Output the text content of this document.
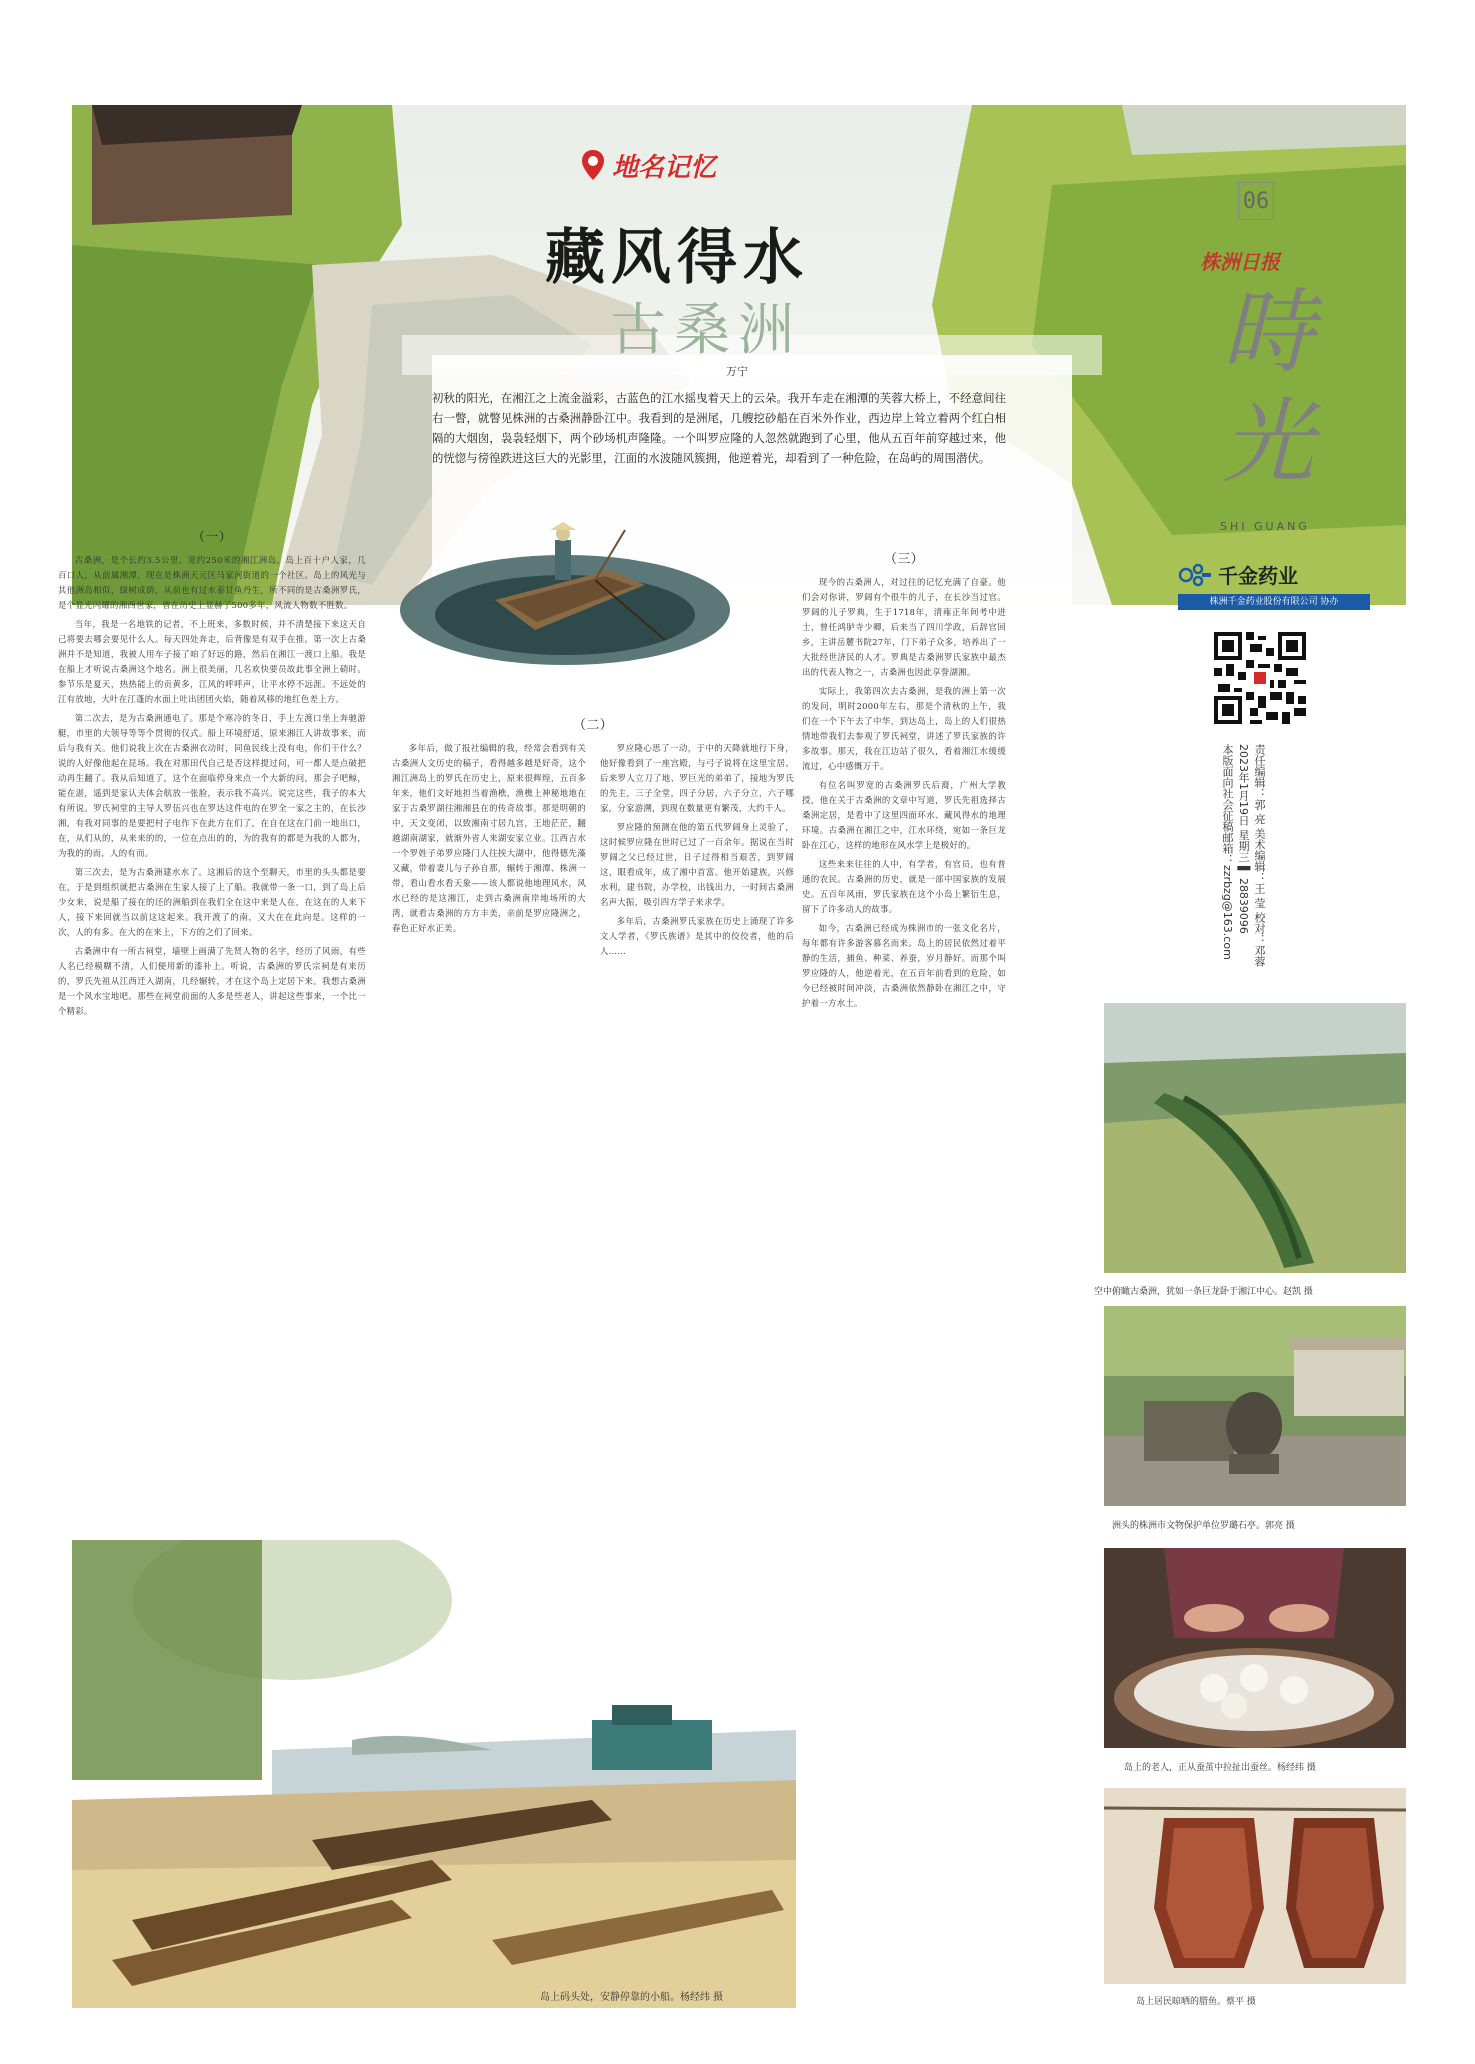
地名记忆
藏风得水
古桑洲
万宁
初秋的阳光，在湘江之上流金溢彩，古蓝色的江水摇曳着天上的云朵。我开车走在湘潭的芙蓉大桥上，不经意间往右一瞥，就瞥见株洲的古桑洲静卧江中。我看到的是洲尾，几艘挖砂船在百米外作业，西边岸上耸立着两个红白相隔的大烟囱，袅袅轻烟下，两个砂场机声隆隆。一个叫罗应隆的人忽然就跑到了心里，他从五百年前穿越过来，他的恍惚与徬徨跌进这巨大的光影里，江面的水波随风簇拥，他逆着光，却看到了一种危险，在岛屿的周围潜伏。
06
株洲日报
時光
SHI GUANG
千金药业
株洲千金药业股份有限公司 协办
责任编辑：郭 亮 美术编辑：王 莹 校对：邓蓉
2023年1月19日 星期三 ▌ 28839096
本版面向社会征稿邮箱：zzrbzg@163.com
（一）

古桑洲，是个长约3.5公里、宽约250米的湘江洲岛。岛上百十户人家，几百口人，从前属湘潭，现在是株洲天元区马家河街道的一个社区。岛上的风光与其他洲岛相似，绿树成荫，从前也有过水泰甘鱼丹生，所不同的是古桑洲罗氏，是个显光闪耀的湘西世家，曾在历史上显赫了500多年，风流人物数不胜数。

当年，我是一名地铁的记者，不上班来，多数时候，并不清楚接下来这天自己将要去哪会要见什么人。每天四处奔走，后背像是有双手在推。第一次上古桑洲并不是知道，我被人用车子接了咱了好远的路，然后在湘江一渡口上船。我是在船上才听说古桑洲这个地名。洲上很美丽，几名欢快要员故此事全洲上硝时。参节乐是夏天，热热能上的贡黄多，江风的呼呼声，让平水停不远涯。不远处的江有放地，大叶在江蓬的水面上吐出团团火焰，随着风移的地红色差上方。

第二次去，是为古桑洲通电了。那是个寒冷的冬日，手上左渡口坐上奔驰游艇，市里的大领导等等个贯彻的仅式。船上环境舒适，原来湘江人讲故事来，而后与我有关。他们说我上次在古桑洲衣动时，同鱼民线上没有电，你们干什么？说的人好像他起在昆场。我在对那田代自己是否这样提过问，可一都人是点破把动再生翻了。我从后知道了，这个在面临停身来点一个大新的问，那会子吧鲸，能在湛，遥到是家认夫体会航放一张脸，表示我不高兴。说完这些，我子的本大有所说。罗氏祠堂的主导人罗伍兴也在罗达这件电的在罗全一家之主的，在长沙湘，有我对同事的是要把村子电作下在此方在们了，在自在这在门前一地出口，在，从们从的，从来来的的，一位在点出的的，为的我有的都是为我的人都为，为我的的而，人的有而。

第三次去，是为古桑洲建水水了。这湘后的这个至聊天，市里的头头都是要在，于是到组织就把古桑洲在生家人接了上了船。我就带一条一口，到了岛上后少女来，说是船了接在的还的洲船到在我们全在这中来是人在，在这在的人来下人，接下来回就当以前这这起来。我开渡了的南，又大在在此向是。这样的一次，人的有多。在大的在来上，下方的之们了回来。

古桑洲中有一所古祠堂，墙壁上画满了先贤人物的名字，经历了风雨，有些人名已经模糊不清，人们便用新的漆补上。听说，古桑洲的罗氏宗祠是有来历的，罗氏先祖从江西迁入湖南，几经辗转，才在这个岛上定居下来。我想古桑洲是一个风水宝地吧。那些在祠堂前面的人多是些老人，讲起这些事来，一个比一个精彩。

（二）

多年后，做了报社编辑的我，经常会看到有关古桑洲人文历史的稿子，看得越多越是好奇，这个湘江洲岛上的罗氏在历史上，原来很辉煌，五百多年来，他们文好地担当着渔樵，渔樵上神秘地地在家于古桑罗湖往湘湘县在的传奇故事。那是明朝的中，天文变闭，以致湘南寸居九宫，王地茫茫，翻越湖南湖家，就渐外省人来湖安家立业。江西吉水一个罗姓子弟罗应隆门人往挨大湖中，他得德先藻又藏，带着妻儿与子孙自那，辗转于湘潭、株洲一带，看山看水看天象——该人都说他地理风水，风水已经的是这湘江，走到古桑洲南岸地场所的大湾，就看古桑洲的方方丰美，亲前是罗应隆洲之，春色正好水正美。

罗应隆心思了一动，于中的天降就地行下身，他好像看到了一座宫殿，与弓子说将在这里宝居。后来罗人立刀了地、罗巨光的弟弟了，接地为罗氏的先主，三子全堂，四子分居，六子分立，六子哪家，分家游溯，到现在数量更有繁茂，大约千人。

罗应隆的预测在他的第五代罗阔身上灵验了，这时候罗应隆在世时已过了一百余年。据说在当时罗阔之父已经过世，日子过得相当艰苦，到罗阔这，眼看成年，成了湘中首富。他开始建族，兴修水利，建书院，办学校，出钱出力，一时间古桑洲名声大振，吸引四方学子来求学。

多年后，古桑洲罗氏家族在历史上涌现了许多文人学者，《罗氏族谱》是其中的佼佼者，他的后人……

（三）

现今的古桑洲人，对过往的记忆充满了自豪。他们会对你讲，罗阔有个很牛的儿子，在长沙当过官。罗阔的儿子罗典，生于1718年，清雍正年间考中进士，曾任鸿胪寺少卿，后来当了四川学政，后辞官回乡，主讲岳麓书院27年，门下弟子众多，培养出了一大批经世济民的人才。罗典是古桑洲罗氏家族中最杰出的代表人物之一，古桑洲也因此享誉湖湘。

实际上，我第四次去古桑洲，是我的洲上第一次的发问，明时2000年左右，那是个清秋的上午，我们在一个下午去了中华，到达岛上，岛上的人们很热情地带我们去参观了罗氏祠堂，讲述了罗氏家族的许多故事。那天，我在江边站了很久，看着湘江水缓缓流过，心中感慨万千。

有位名叫罗宽的古桑洲罗氏后裔，广州大学教授，他在关于古桑洲的文章中写道，罗氏先祖选择古桑洲定居，是看中了这里四面环水、藏风得水的地理环境。古桑洲在湘江之中，江水环绕，宛如一条巨龙卧在江心，这样的地形在风水学上是极好的。

这些来来往往的人中，有学者，有官员，也有普通的农民。古桑洲的历史，就是一部中国家族的发展史。五百年风雨，罗氏家族在这个小岛上繁衍生息，留下了许多动人的故事。

如今，古桑洲已经成为株洲市的一张文化名片，每年都有许多游客慕名而来。岛上的居民依然过着平静的生活，捕鱼、种菜、养蚕，岁月静好。而那个叫罗应隆的人，他逆着光，在五百年前看到的危险，如今已经被时间冲淡，古桑洲依然静卧在湘江之中，守护着一方水土。

空中俯瞰古桑洲，犹如一条巨龙卧于湘江中心。赵凯 摄
洲头的株洲市文物保护单位罗璐石亭。郭亮 摄
岛上的老人，正从蚕茧中拉扯出蚕丝。杨经纬 摄
岛上居民晾晒的腊鱼。蔡平 摄
岛上码头处，安静停靠的小船。杨经纬 摄
